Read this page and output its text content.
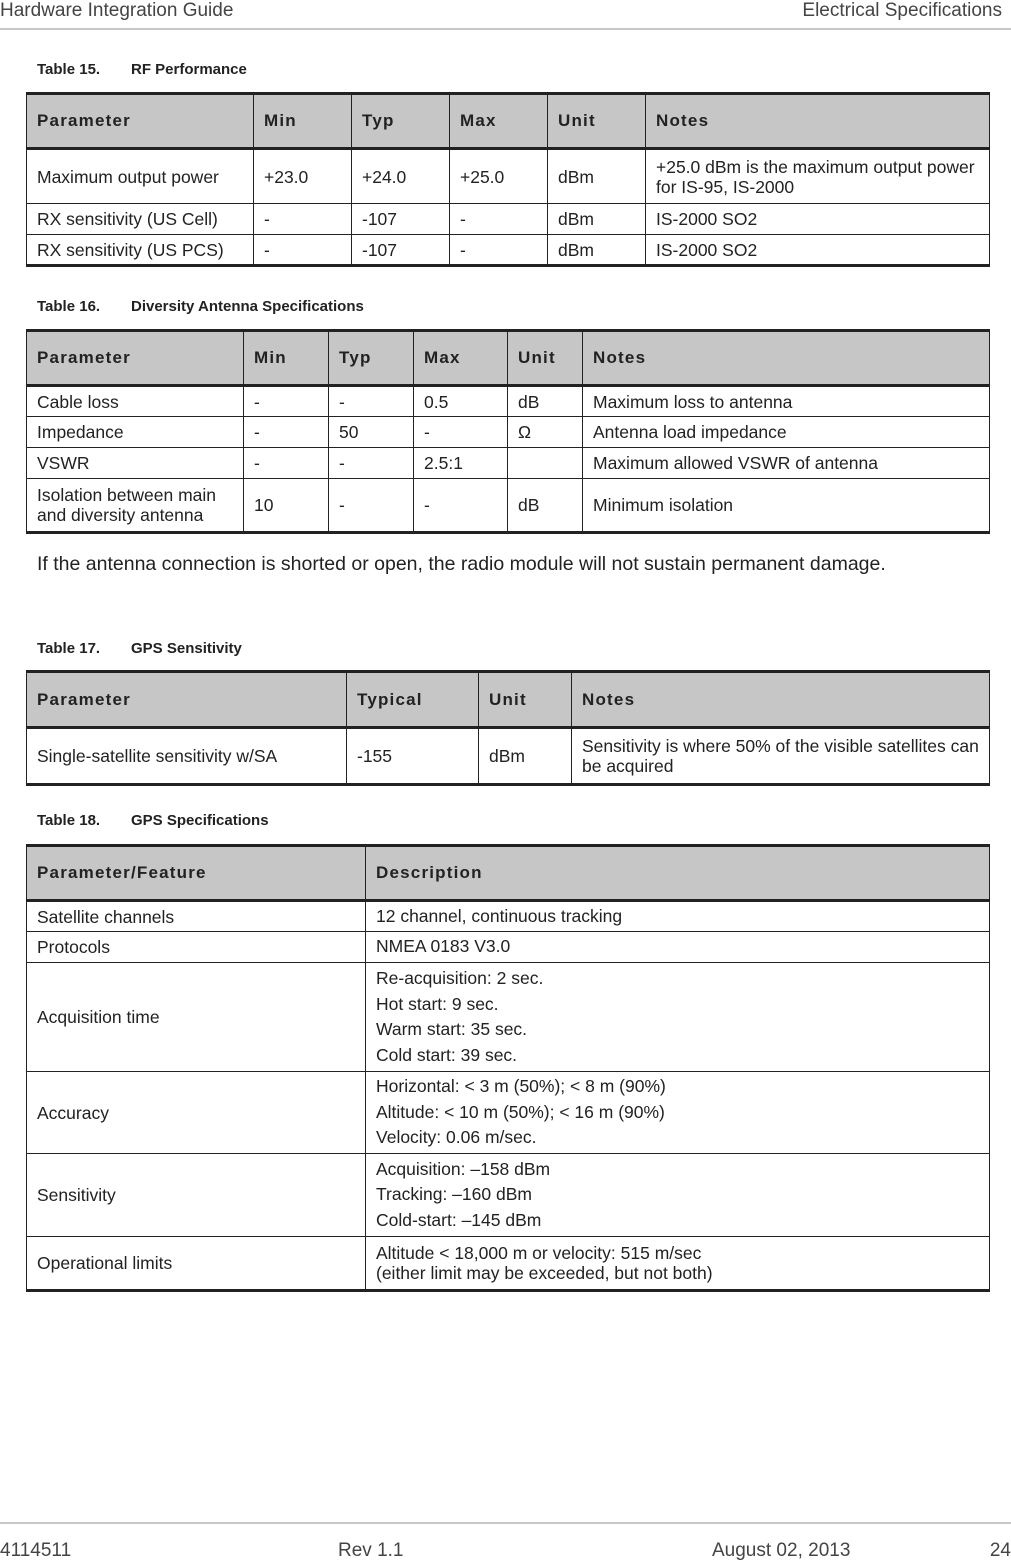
Hardware Integration Guide	Electrical Specifications
Table 15. RF Performance
Parameter	Min	Typ	Max	Unit	Notes
Maximum output power	+23.0	+24.0	+25.0	dBm	+25.0 dBm is the maximum output power for IS-95, IS-2000
RX sensitivity (US Cell)	-	-107	-	dBm	IS-2000 SO2
RX sensitivity (US PCS)	-	-107	-	dBm	IS-2000 SO2
Table 16. Diversity Antenna Specifications
Parameter	Min	Typ	Max	Unit	Notes
Cable loss	-	-	0.5	dB	Maximum loss to antenna
Impedance	-	50	-	Ω	Antenna load impedance
VSWR	-	-	2.5:1		Maximum allowed VSWR of antenna
Isolation between main and diversity antenna	10	-	-	dB	Minimum isolation
If the antenna connection is shorted or open, the radio module will not sustain permanent damage.
Table 17. GPS Sensitivity
Parameter	Typical	Unit	Notes
Single-satellite sensitivity w/SA	-155	dBm	Sensitivity is where 50% of the visible satellites can be acquired
Table 18. GPS Specifications
Parameter/Feature	Description
Satellite channels	12 channel, continuous tracking

Protocols	NMEA 0183 V3.0

Acquisition time	Re-acquisition: 2 sec.
Hot start: 9 sec.
Warm start: 35 sec.
Cold start: 39 sec.

Accuracy	Horizontal: < 3 m (50%); < 8 m (90%)
Altitude: < 10 m (50%); < 16 m (90%)
Velocity: 0.06 m/sec.

Sensitivity	Acquisition: –158 dBm
Tracking: –160 dBm
Cold-start: –145 dBm

Operational limits	Altitude < 18,000 m or velocity: 515 m/sec
(either limit may be exceeded, but not both)
4114511	Rev 1.1	August 02, 2013	24
